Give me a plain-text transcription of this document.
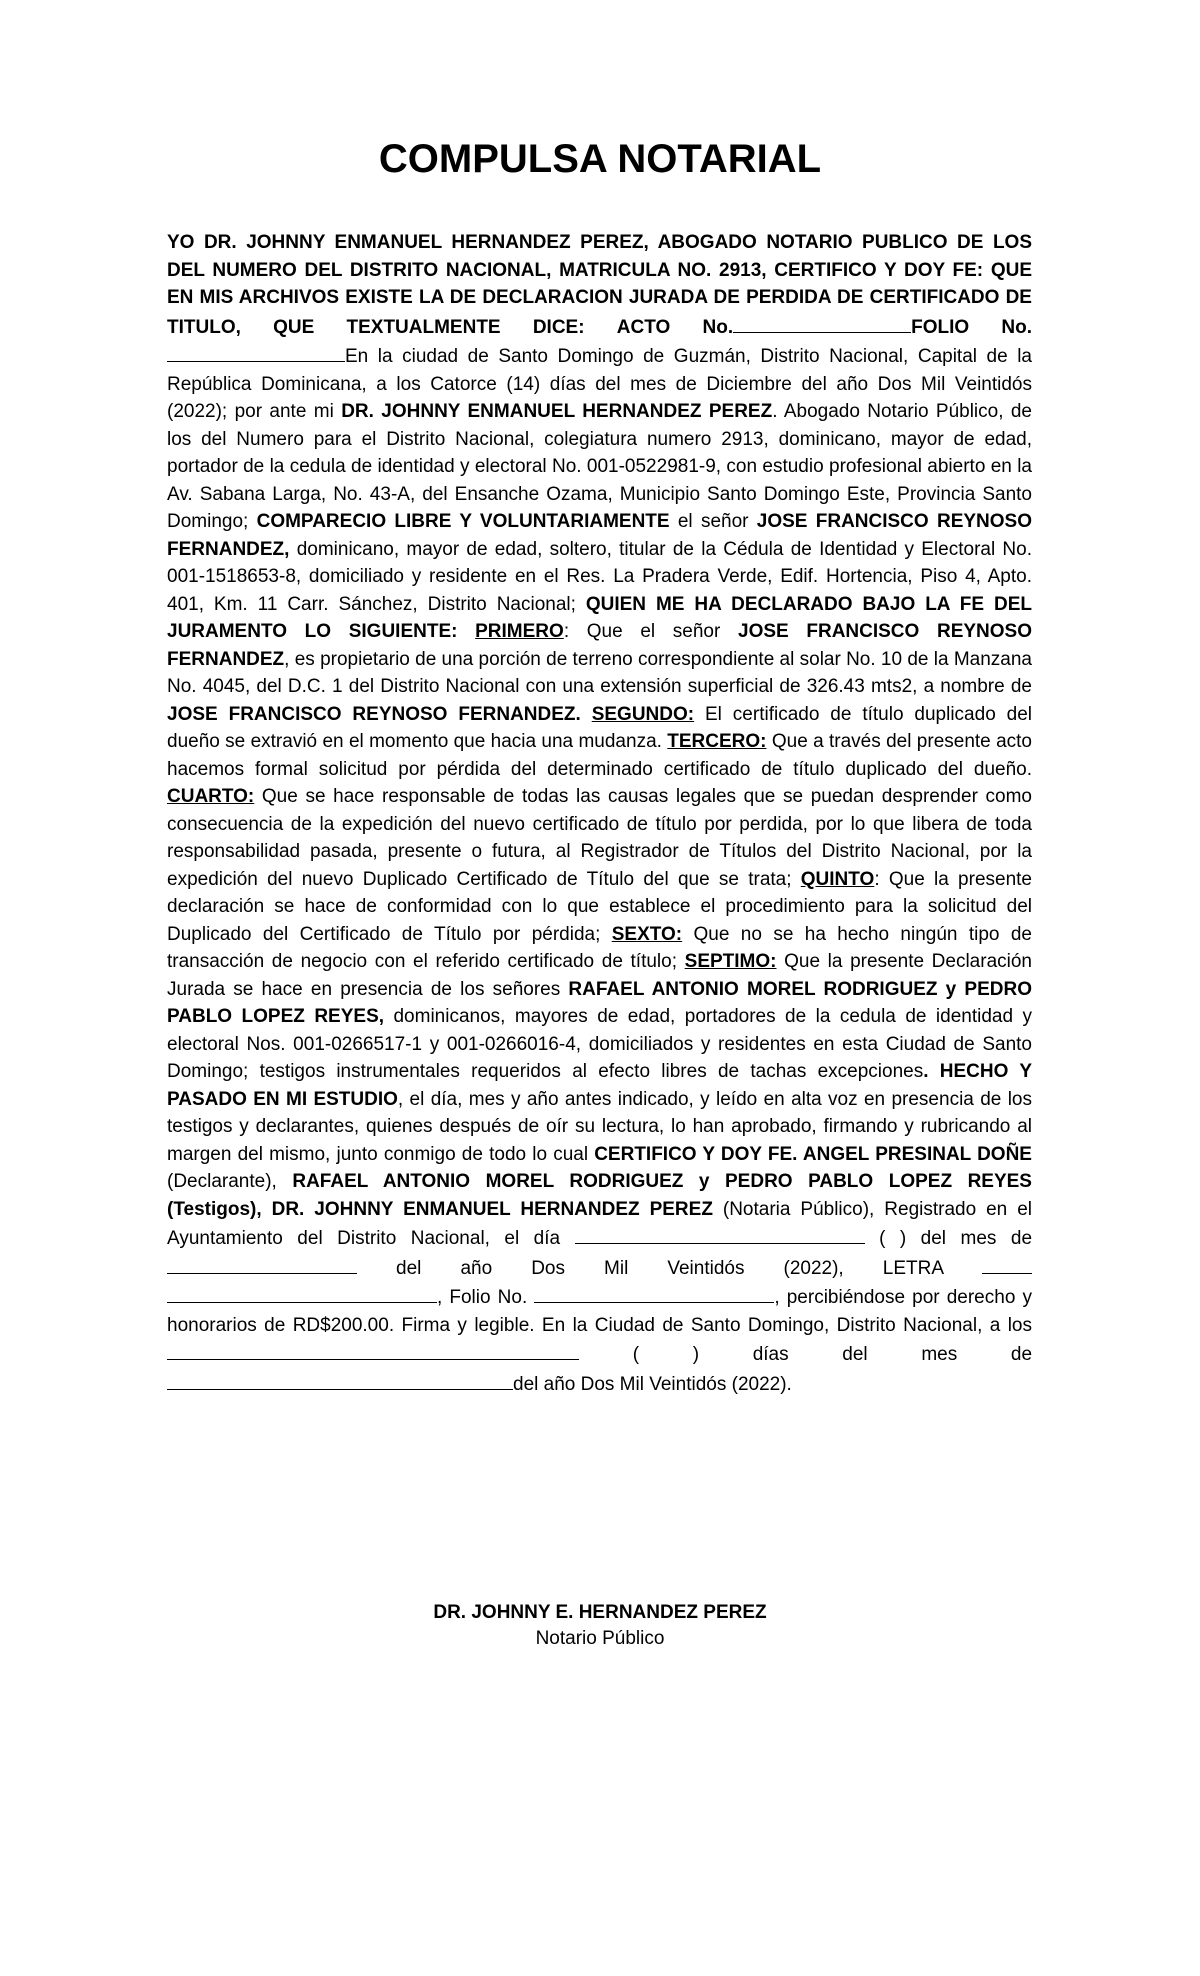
COMPULSA NOTARIAL
YO DR. JOHNNY ENMANUEL HERNANDEZ PEREZ, ABOGADO NOTARIO PUBLICO DE LOS DEL NUMERO DEL DISTRITO NACIONAL, MATRICULA NO. 2913, CERTIFICO Y DOY FE: QUE EN MIS ARCHIVOS EXISTE LA DE DECLARACION JURADA DE PERDIDA DE CERTIFICADO DE TITULO, QUE TEXTUALMENTE DICE: ACTO No.	FOLIO No.En la ciudad de Santo Domingo de Guzmán, Distrito Nacional, Capital de la República Dominicana, a los Catorce (14) días del mes de Diciembre del año Dos Mil Veintidós (2022); por ante mi DR. JOHNNY ENMANUEL HERNANDEZ PEREZ. Abogado Notario Público, de los del Numero para el Distrito Nacional, colegiatura numero 2913, dominicano, mayor de edad, portador de la cedula de identidad y electoral No. 001-0522981-9, con estudio profesional abierto en la Av. Sabana Larga, No. 43-A, del Ensanche Ozama, Municipio Santo Domingo Este, Provincia Santo Domingo; COMPARECIO LIBRE Y VOLUNTARIAMENTE el señor JOSE FRANCISCO REYNOSO FERNANDEZ, dominicano, mayor de edad, soltero, titular de la Cédula de Identidad y Electoral No. 001-1518653-8, domiciliado y residente en el Res. La Pradera Verde, Edif. Hortencia, Piso 4, Apto. 401, Km. 11 Carr. Sánchez, Distrito Nacional; QUIEN ME HA DECLARADO BAJO LA FE DEL JURAMENTO LO SIGUIENTE: PRIMERO: Que el señor JOSE FRANCISCO REYNOSO FERNANDEZ, es propietario de una porción de terreno correspondiente al solar No. 10 de la Manzana No. 4045, del D.C. 1 del Distrito Nacional con una extensión superficial de 326.43 mts2, a nombre de JOSE FRANCISCO REYNOSO FERNANDEZ. SEGUNDO: El certificado de título duplicado del dueño se extravió en el momento que hacia una mudanza. TERCERO: Que a través del presente acto hacemos formal solicitud por pérdida del determinado certificado de título duplicado del dueño. CUARTO: Que se hace responsable de todas las causas legales que se puedan desprender como consecuencia de la expedición del nuevo certificado de título por perdida, por lo que libera de toda responsabilidad pasada, presente o futura, al Registrador de Títulos del Distrito Nacional, por la expedición del nuevo Duplicado Certificado de Título del que se trata; QUINTO: Que la presente declaración se hace de conformidad con lo que establece el procedimiento para la solicitud del Duplicado del Certificado de Título por pérdida; SEXTO: Que no se ha hecho ningún tipo de transacción de negocio con el referido certificado de título; SEPTIMO: Que la presente Declaración Jurada se hace en presencia de los señores RAFAEL ANTONIO MOREL RODRIGUEZ y PEDRO PABLO LOPEZ REYES, dominicanos, mayores de edad, portadores de la cedula de identidad y electoral Nos. 001-0266517-1 y 001-0266016-4, domiciliados y residentes en esta Ciudad de Santo Domingo; testigos instrumentales requeridos al efecto libres de tachas excepciones. HECHO Y PASADO EN MI ESTUDIO, el día, mes y año antes indicado, y leído en alta voz en presencia de los testigos y declarantes, quienes después de oír su lectura, lo han aprobado, firmando y rubricando al margen del mismo, junto conmigo de todo lo cual CERTIFICO Y DOY FE. ANGEL PRESINAL DOÑE (Declarante), RAFAEL ANTONIO MOREL RODRIGUEZ y PEDRO PABLO LOPEZ REYES (Testigos), DR. JOHNNY ENMANUEL HERNANDEZ PEREZ (Notaria Público), Registrado en el Ayuntamiento del Distrito Nacional, el día	( ) del mes de  del año Dos Mil Veintidós (2022), LETRA  , Folio No.	, percibiéndose por derecho y honorarios de RD$200.00. Firma y legible. En la Ciudad de Santo Domingo, Distrito Nacional, a los  (	) días del mes de del año Dos Mil Veintidós (2022).
DR. JOHNNY E. HERNANDEZ PEREZ
Notario Público
